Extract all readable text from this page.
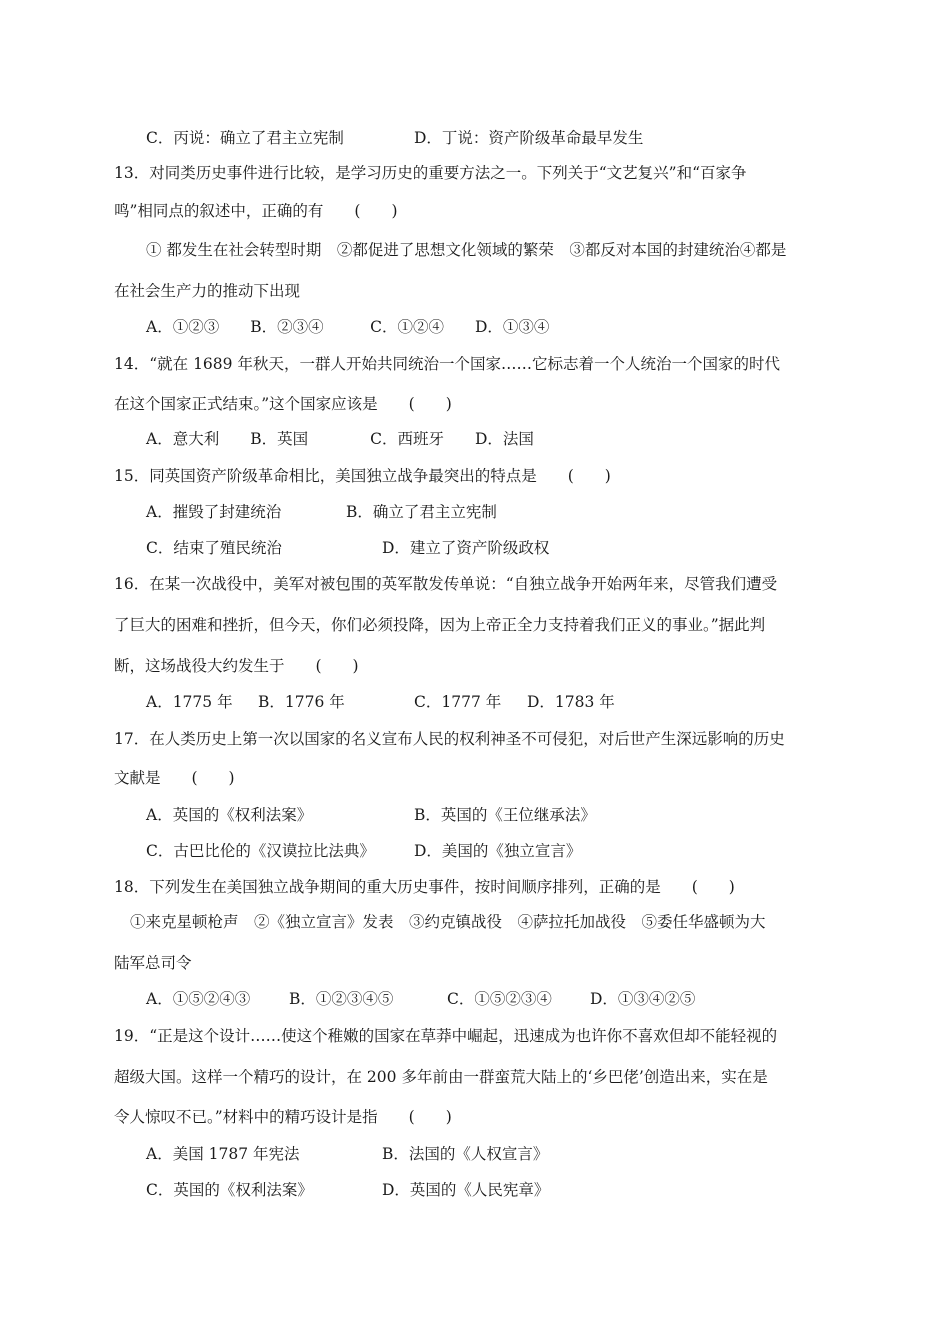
C．丙说：确立了君主立宪制	D．丁说：资产阶级革命最早发生
13．对同类历史事件进行比较，是学习历史的重要方法之一。下列关于“文艺复兴”和“百家争
鸣”相同点的叙述中，正确的有　　(　　)
① 都发生在社会转型时期　②都促进了思想文化领域的繁荣　③都反对本国的封建统治④都是
在社会生产力的推动下出现
A．①②③　　B．②③④　　　C．①②④　　D．①③④
14．“就在 1689 年秋天，一群人开始共同统治一个国家……它标志着一个人统治一个国家的时代
在这个国家正式结束。”这个国家应该是　　(　　)
A．意大利　　B．英国　　　　C．西班牙　　D．法国
15．同英国资产阶级革命相比，美国独立战争最突出的特点是　　(　　)
A．摧毁了封建统治	B．确立了君主立宪制
C．结束了殖民统治	D．建立了资产阶级政权
16．在某一次战役中，美军对被包围的英军散发传单说：“自独立战争开始两年来，尽管我们遭受
了巨大的困难和挫折，但今天，你们必须投降，因为上帝正全力支持着我们正义的事业。”据此判
断，这场战役大约发生于　　(　　)
A．1775 年 B．1776 年	C．1777 年 D．1783 年
17．在人类历史上第一次以国家的名义宣布人民的权利神圣不可侵犯，对后世产生深远影响的历史
文献是　　(　　)
A．英国的《权利法案》	B．英国的《王位继承法》
C．古巴比伦的《汉谟拉比法典》	D．美国的《独立宣言》
18．下列发生在美国独立战争期间的重大历史事件，按时间顺序排列，正确的是　　(　　)
①来克星顿枪声　②《独立宣言》发表　③约克镇战役　④萨拉托加战役　⑤委任华盛顿为大
陆军总司令
A．①⑤②④③	B．①②③④⑤	C．①⑤②③④ D．①③④②⑤
19．“正是这个设计……使这个稚嫩的国家在草莽中崛起，迅速成为也许你不喜欢但却不能轻视的
超级大国。这样一个精巧的设计，在 200 多年前由一群蛮荒大陆上的‘乡巴佬’创造出来，实在是
令人惊叹不已。”材料中的精巧设计是指　　(　　)
A．美国 1787 年宪法	B．法国的《人权宣言》
C．英国的《权利法案》	D．英国的《人民宪章》
